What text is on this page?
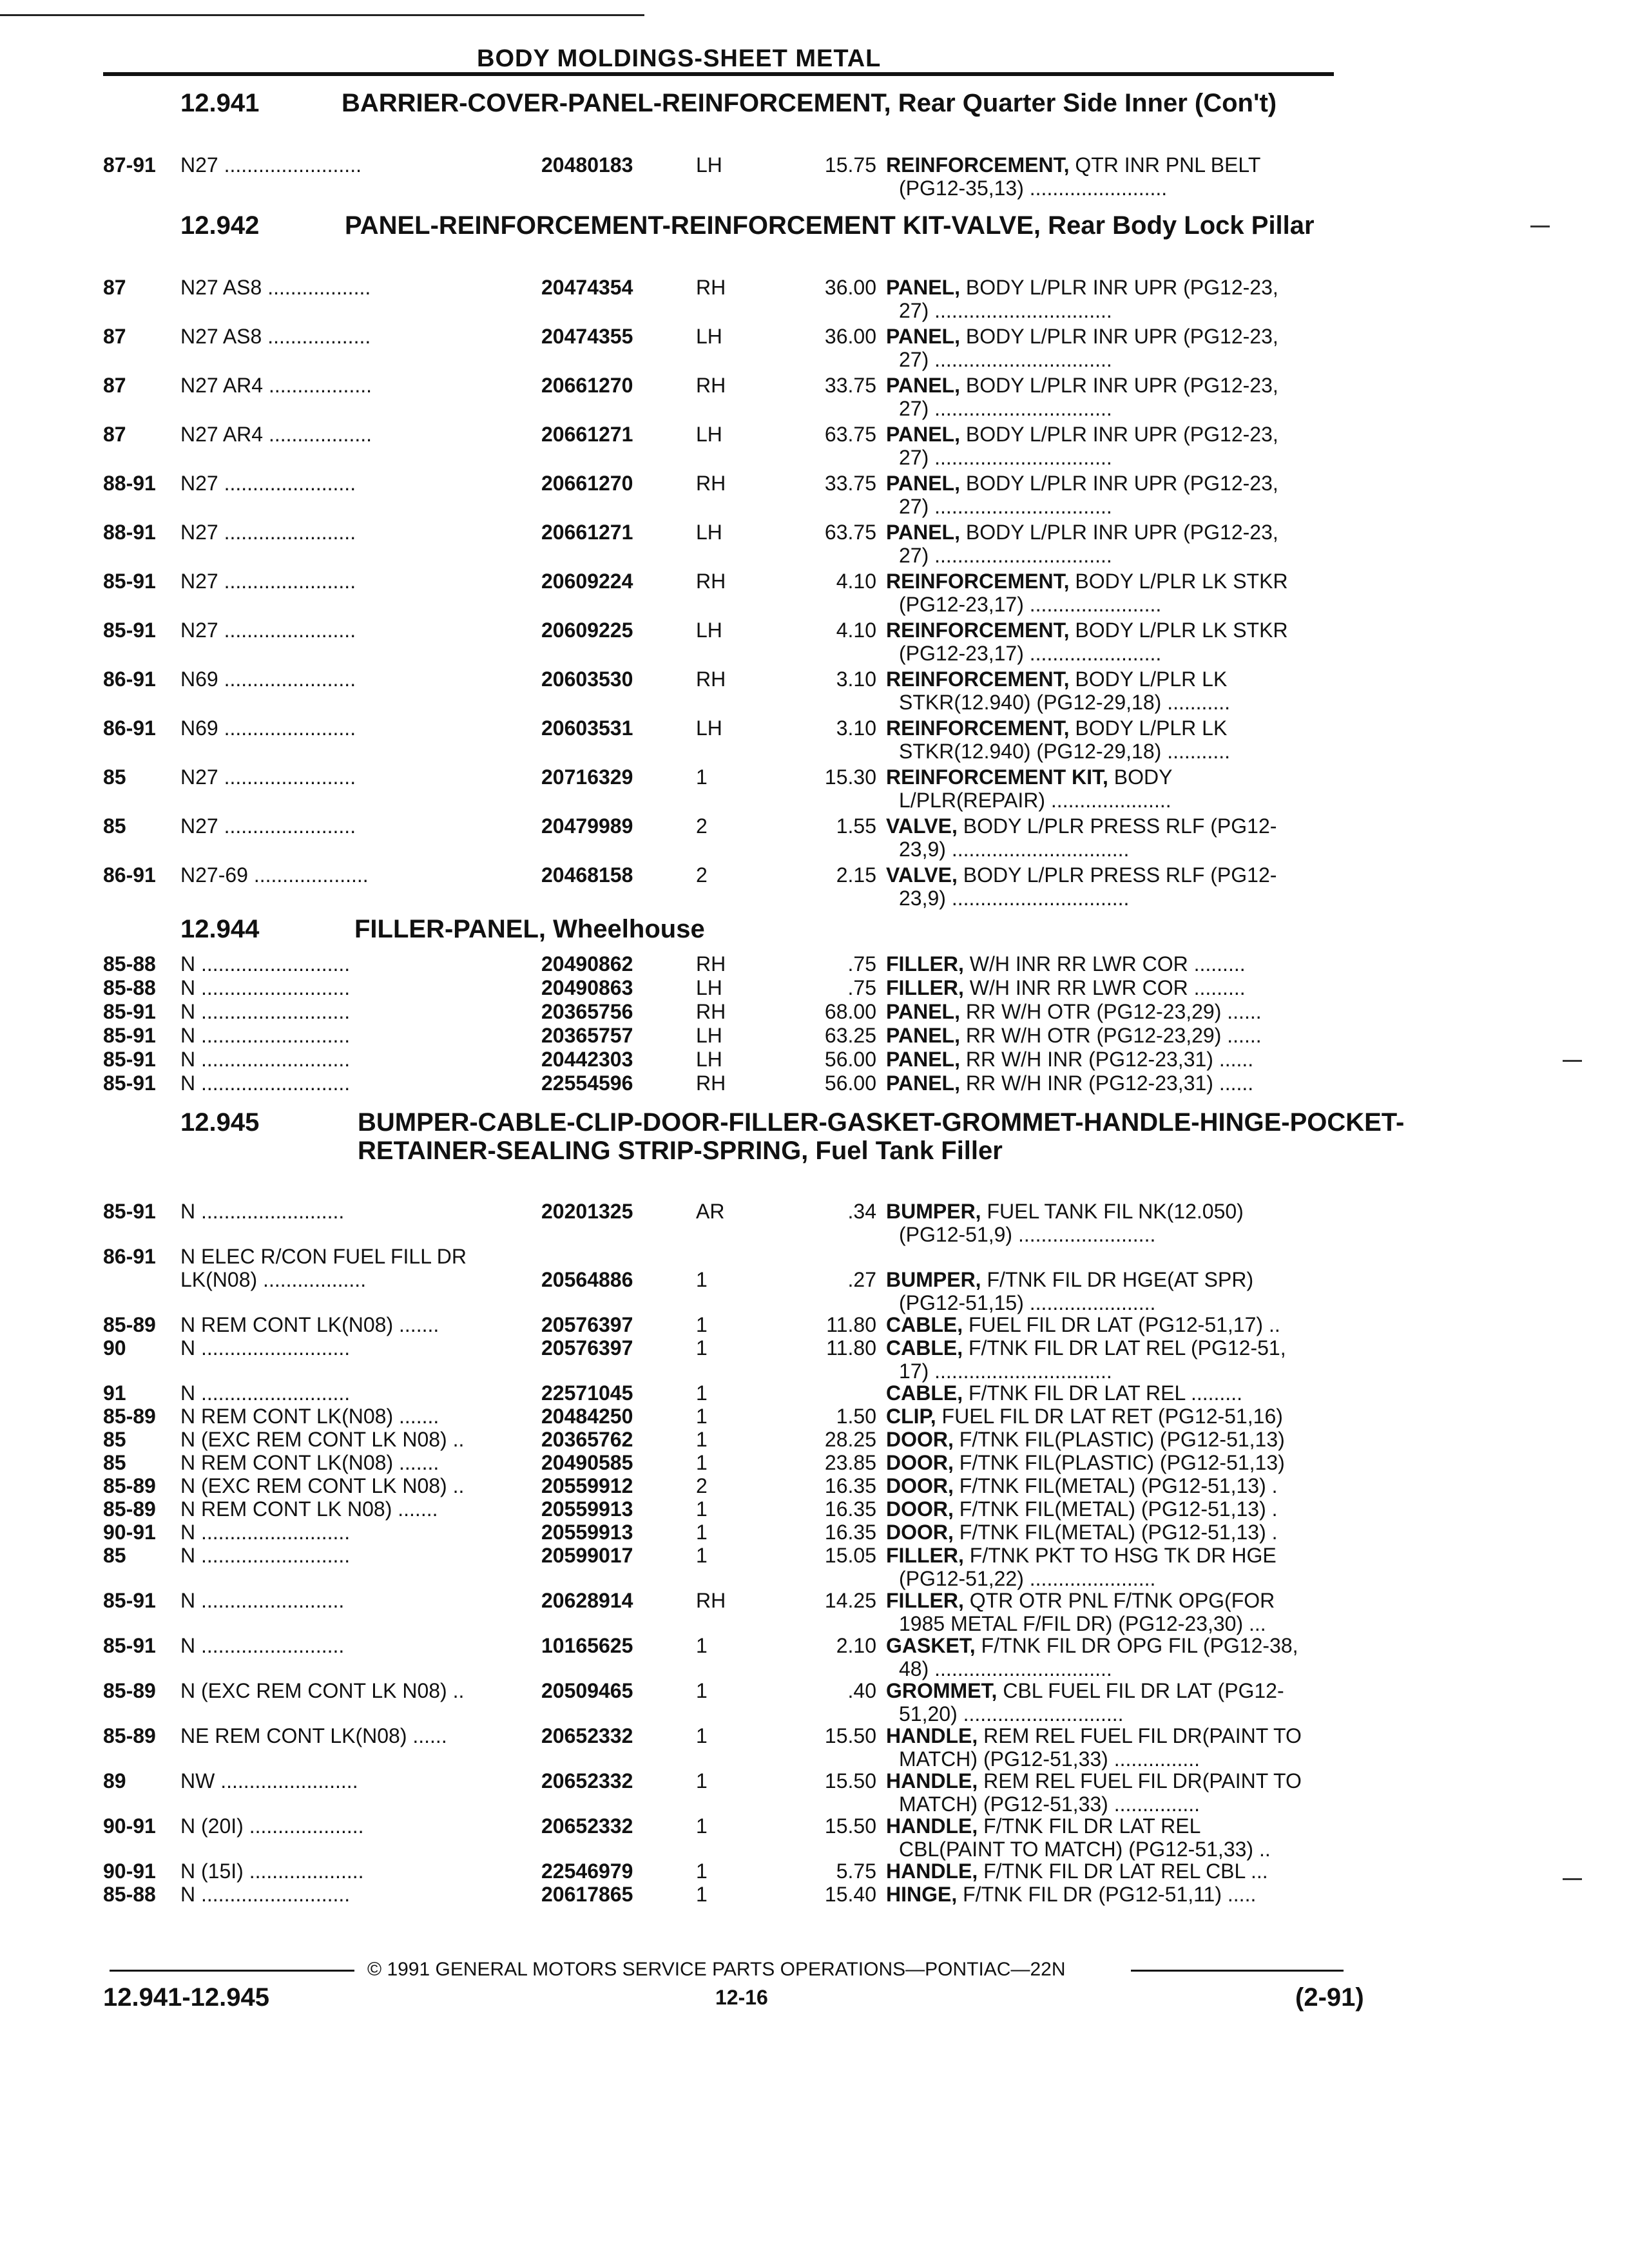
BODY MOLDINGS-SHEET METAL
12.941	BARRIER-COVER-PANEL-REINFORCEMENT, Rear Quarter Side Inner (Con't)
87-91 N27 ........................	20480183	LH	15.75 REINFORCEMENT, QTR INR PNL BELT
(PG12-35,13) ........................
12.942	PANEL-REINFORCEMENT-REINFORCEMENT KIT-VALVE, Rear Body Lock Pillar
87	N27 AS8 ..................	20474354	RH	36.00 PANEL, BODY L/PLR INR UPR (PG12-23,
27) ...............................
87	N27 AS8 ..................	20474355	LH	36.00 PANEL, BODY L/PLR INR UPR (PG12-23,
27) ...............................
87	N27 AR4 ..................	20661270	RH	33.75 PANEL, BODY L/PLR INR UPR (PG12-23,
27) ...............................
87	N27 AR4 ..................	20661271	LH	63.75 PANEL, BODY L/PLR INR UPR (PG12-23,
27) ...............................
88-91 N27 .......................	20661270	RH	33.75 PANEL, BODY L/PLR INR UPR (PG12-23,
27) ...............................
88-91 N27 .......................	20661271	LH	63.75 PANEL, BODY L/PLR INR UPR (PG12-23,
27) ...............................
85-91 N27 .......................	20609224	RH	4.10 REINFORCEMENT, BODY L/PLR LK STKR
(PG12-23,17) .......................
85-91 N27 .......................	20609225	LH	4.10 REINFORCEMENT, BODY L/PLR LK STKR
(PG12-23,17) .......................
86-91 N69 .......................	20603530	RH	3.10 REINFORCEMENT, BODY L/PLR LK
STKR(12.940) (PG12-29,18) ...........
86-91 N69 .......................	20603531	LH	3.10 REINFORCEMENT, BODY L/PLR LK
STKR(12.940) (PG12-29,18) ...........
85	N27 .......................	20716329	1	15.30 REINFORCEMENT KIT, BODY
L/PLR(REPAIR) .....................
85	N27 .......................	20479989	2	1.55 VALVE, BODY L/PLR PRESS RLF (PG12-
23,9) ...............................
86-91 N27-69 ....................	20468158	2	2.15 VALVE, BODY L/PLR PRESS RLF (PG12-
23,9) ...............................
12.944	FILLER-PANEL, Wheelhouse
85-88 N ..........................	20490862	RH	.75 FILLER, W/H INR RR LWR COR .........
85-88 N ..........................	20490863	LH	.75 FILLER, W/H INR RR LWR COR .........
85-91 N ..........................	20365756	RH	68.00 PANEL, RR W/H OTR (PG12-23,29) ......
85-91 N ..........................	20365757	LH	63.25 PANEL, RR W/H OTR (PG12-23,29) ......
85-91 N ..........................	20442303	LH	56.00 PANEL, RR W/H INR (PG12-23,31) ......
85-91 N ..........................	22554596	RH	56.00 PANEL, RR W/H INR (PG12-23,31) ......
12.945	BUMPER-CABLE-CLIP-DOOR-FILLER-GASKET-GROMMET-HANDLE-HINGE-POCKET-RETAINER-SEALING STRIP-SPRING, Fuel Tank Filler
85-91 N .........................	20201325	AR	.34 BUMPER, FUEL TANK FIL NK(12.050)
(PG12-51,9) ........................
86-91 N ELEC R/CON FUEL FILL DR
LK(N08) ..................	20564886	1	.27 BUMPER, F/TNK FIL DR HGE(AT SPR)
(PG12-51,15) ......................
85-89 N REM CONT LK(N08) .......	20576397	1	11.80 CABLE, FUEL FIL DR LAT (PG12-51,17) ..
90	N ..........................	20576397	1	11.80 CABLE, F/TNK FIL DR LAT REL (PG12-51,
17) ...............................
91	N ..........................	22571045	1	CABLE, F/TNK FIL DR LAT REL .........
85-89 N REM CONT LK(N08) .......	20484250	1	1.50 CLIP, FUEL FIL DR LAT RET (PG12-51,16)
85	N (EXC REM CONT LK N08) ..	20365762	1	28.25 DOOR, F/TNK FIL(PLASTIC) (PG12-51,13)
85	N REM CONT LK(N08) .......	20490585	1	23.85 DOOR, F/TNK FIL(PLASTIC) (PG12-51,13)
85-89 N (EXC REM CONT LK N08) ..	20559912	2	16.35 DOOR, F/TNK FIL(METAL) (PG12-51,13) .
85-89 N REM CONT LK N08) .......	20559913	1	16.35 DOOR, F/TNK FIL(METAL) (PG12-51,13) .
90-91 N ..........................	20559913	1	16.35 DOOR, F/TNK FIL(METAL) (PG12-51,13) .
85	N ..........................	20599017	1	15.05 FILLER, F/TNK PKT TO HSG TK DR HGE
(PG12-51,22) ......................
85-91 N .........................	20628914	RH	14.25 FILLER, QTR OTR PNL F/TNK OPG(FOR
1985 METAL F/FIL DR) (PG12-23,30) ...
85-91 N .........................	10165625	1	2.10 GASKET, F/TNK FIL DR OPG FIL (PG12-38,
48) ...............................
85-89 N (EXC REM CONT LK N08) ..	20509465	1	.40 GROMMET, CBL FUEL FIL DR LAT (PG12-
51,20) ............................
85-89 NE REM CONT LK(N08) ......	20652332	1	15.50 HANDLE, REM REL FUEL FIL DR(PAINT TO
MATCH) (PG12-51,33) ...............
89	NW ........................	20652332	1	15.50 HANDLE, REM REL FUEL FIL DR(PAINT TO
MATCH) (PG12-51,33) ...............
90-91 N (20I) ....................	20652332	1	15.50 HANDLE, F/TNK FIL DR LAT REL
CBL(PAINT TO MATCH) (PG12-51,33) ..
90-91 N (15I) ....................	22546979	1	5.75 HANDLE, F/TNK FIL DR LAT REL CBL ...
85-88 N ..........................	20617865	1	15.40 HINGE, F/TNK FIL DR (PG12-51,11) .....
© 1991 GENERAL MOTORS SERVICE PARTS OPERATIONS—PONTIAC—22N
12.941-12.945	12-16	(2-91)
